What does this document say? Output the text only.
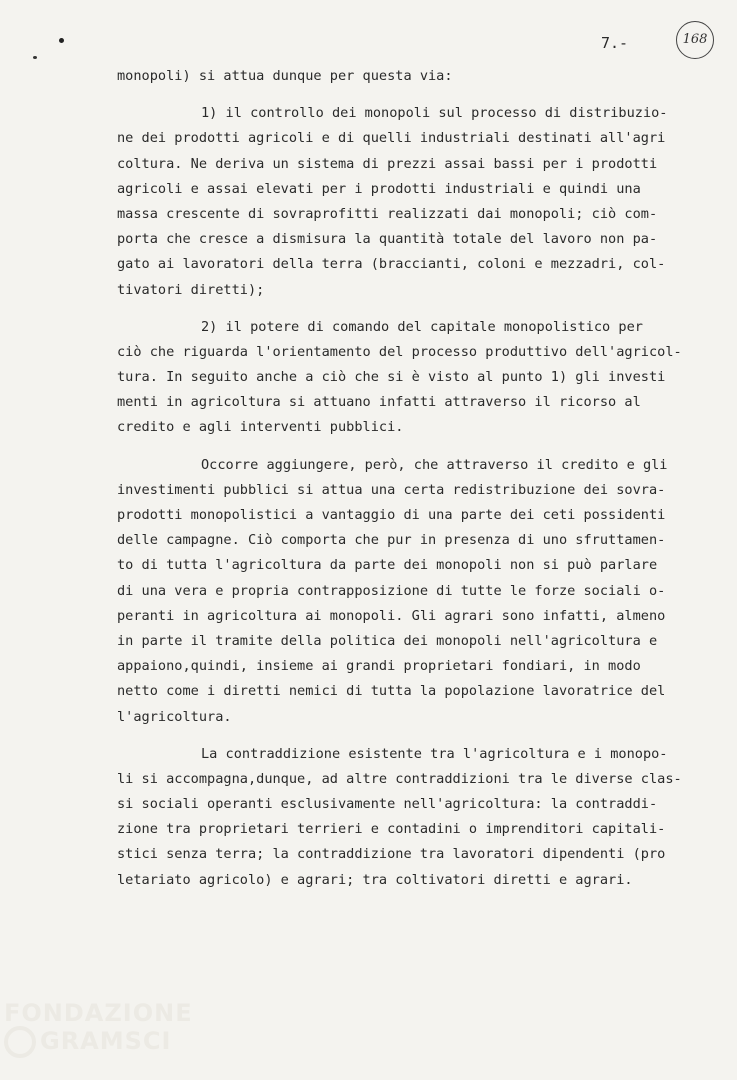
7.-	168
monopoli) si attua dunque per questa via:
1) il controllo dei monopoli sul processo di distribuzio-
ne dei prodotti agricoli e di quelli industriali destinati all'agri
coltura. Ne deriva un sistema di prezzi assai bassi per i prodotti
agricoli e assai elevati per i prodotti industriali e quindi una
massa crescente di sovraprofitti realizzati dai monopoli; ciò com-
porta che cresce a dismisura la quantità totale del lavoro non pa-
gato ai lavoratori della terra (braccianti, coloni e mezzadri, col-
tivatori diretti);
2) il potere di comando del capitale monopolistico per
ciò che riguarda l'orientamento del processo produttivo dell'agricol-
tura. In seguito anche a ciò che si è visto al punto 1) gli investi
menti in agricoltura si attuano infatti attraverso il ricorso al
credito e agli interventi pubblici.
Occorre aggiungere, però, che attraverso il credito e gli
investimenti pubblici si attua una certa redistribuzione dei sovra-
prodotti monopolistici a vantaggio di una parte dei ceti possidenti
delle campagne. Ciò comporta che pur in presenza di uno sfruttamen-
to di tutta l'agricoltura da parte dei monopoli non si può parlare
di una vera e propria contrapposizione di tutte le forze sociali o-
peranti in agricoltura ai monopoli. Gli agrari sono infatti, almeno
in parte il tramite della politica dei monopoli nell'agricoltura e
appaiono,quindi, insieme ai grandi proprietari fondiari, in modo
netto come i diretti nemici di tutta la popolazione lavoratrice del
l'agricoltura.
La contraddizione esistente tra l'agricoltura e i monopo-
li si accompagna,dunque, ad altre contraddizioni tra le diverse clas-
si sociali operanti esclusivamente nell'agricoltura: la contraddi-
zione tra proprietari terrieri e contadini o imprenditori capitali-
stici senza terra; la contraddizione tra lavoratori dipendenti (pro
letariato agricolo) e agrari; tra coltivatori diretti e agrari.
FONDAZIONE
GRAMSCI
